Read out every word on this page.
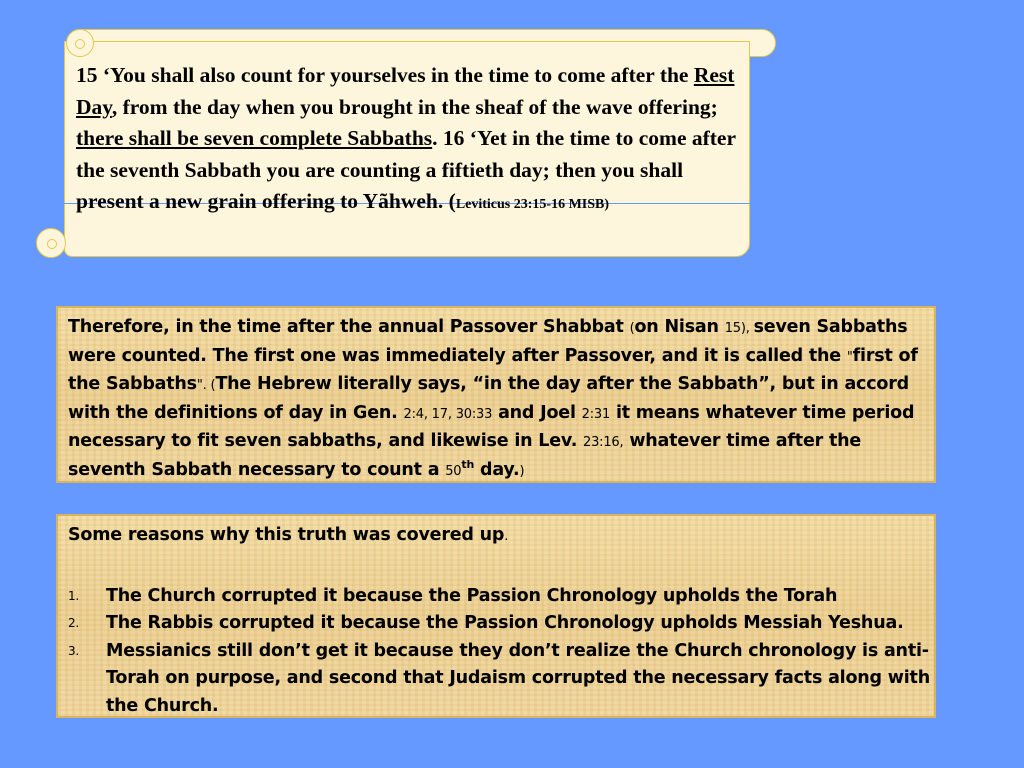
15 ‘You shall also count for yourselves in the time to come after the Rest Day, from the day when you brought in the sheaf of the wave offering; there shall be seven complete Sabbaths. 16 ‘Yet in the time to come after the seventh Sabbath you are counting a fiftieth day; then you shall present a new grain offering to Yãhweh. (Leviticus 23:15-16 MISB)

Therefore, in the time after the annual Passover Shabbat (on Nisan 15), seven Sabbaths were counted. The first one was immediately after Passover, and it is called the "first of the Sabbaths". (The Hebrew literally says, “in the day after the Sabbath”, but in accord with the definitions of day in Gen. 2:4, 17, 30:33 and Joel 2:31 it means whatever time period necessary to fit seven sabbaths, and likewise in Lev. 23:16, whatever time after the seventh Sabbath necessary to count a 50th day.)

Some reasons why this truth was covered up.

1. The Church corrupted it because the Passion Chronology upholds the Torah
2. The Rabbis corrupted it because the Passion Chronology upholds Messiah Yeshua.
3. Messianics still don’t get it because they don’t realize the Church chronology is anti-Torah on purpose, and second that Judaism corrupted the necessary facts along with the Church.
